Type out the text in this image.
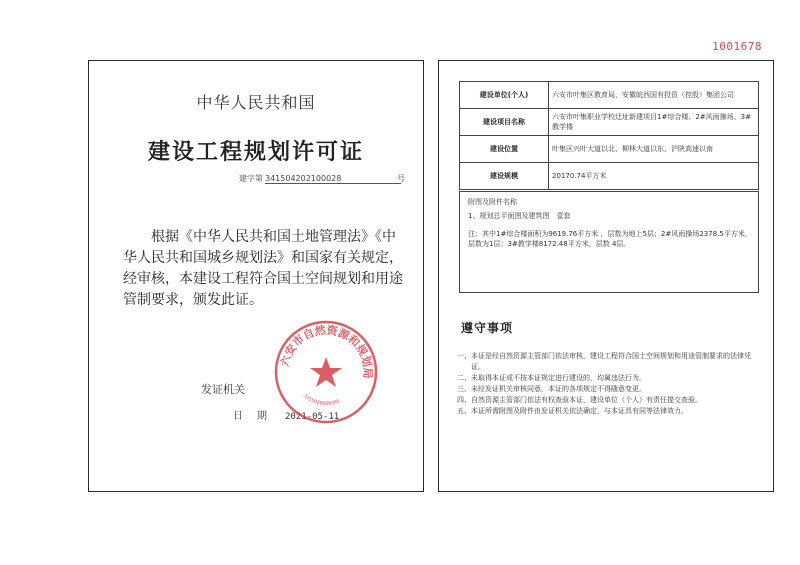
1001678
中华人民共和国
建设工程规划许可证
建字第 341504202100028	号
根据《中华人民共和国土地管理法》《中华人民共和国城乡规划法》和国家有关规定，经审核，本建设工程符合国土空间规划和用途管制要求，颁发此证。
发证机关
日期 2021-05-11
六安市自然资源和规划局
3415020089346
建设单位(个人)	六安市叶集区教育局、安徽皖西国有投资（控股）集团公司
建设项目名称	六安市叶集职业学校迁址新建项目1#综合楼、2#风雨操场、3#教学楼
建设位置	叶集区兴叶大道以北、柳林大道以东、沪陕高速以南
建设规模	20170.74平方米
附图及附件名称
1、规划总平面图及建筑图　壹套
注：其中1#综合楼面积为9619.76平方米 ，层数为地上5层；2#风雨操场2378.5平方米，层数为1层；3#教学楼8172.48平方米，层数 4层。
遵守事项
一、 本证是经自然资源主管部门依法审核，建设工程符合国土空间规划和用途管制要求的法律凭证。
二、 未取得本证或不按本证规定进行建设的，均属违法行为。
三、 未经发证机关审核同意，本证的各项规定不得随意变更。
四、 自然资源主管部门依法有权查验本证，建设单位（个人）有责任提交查验。
五、 本证所需附图及附件由发证机关依法确定，与本证具有同等法律效力。
